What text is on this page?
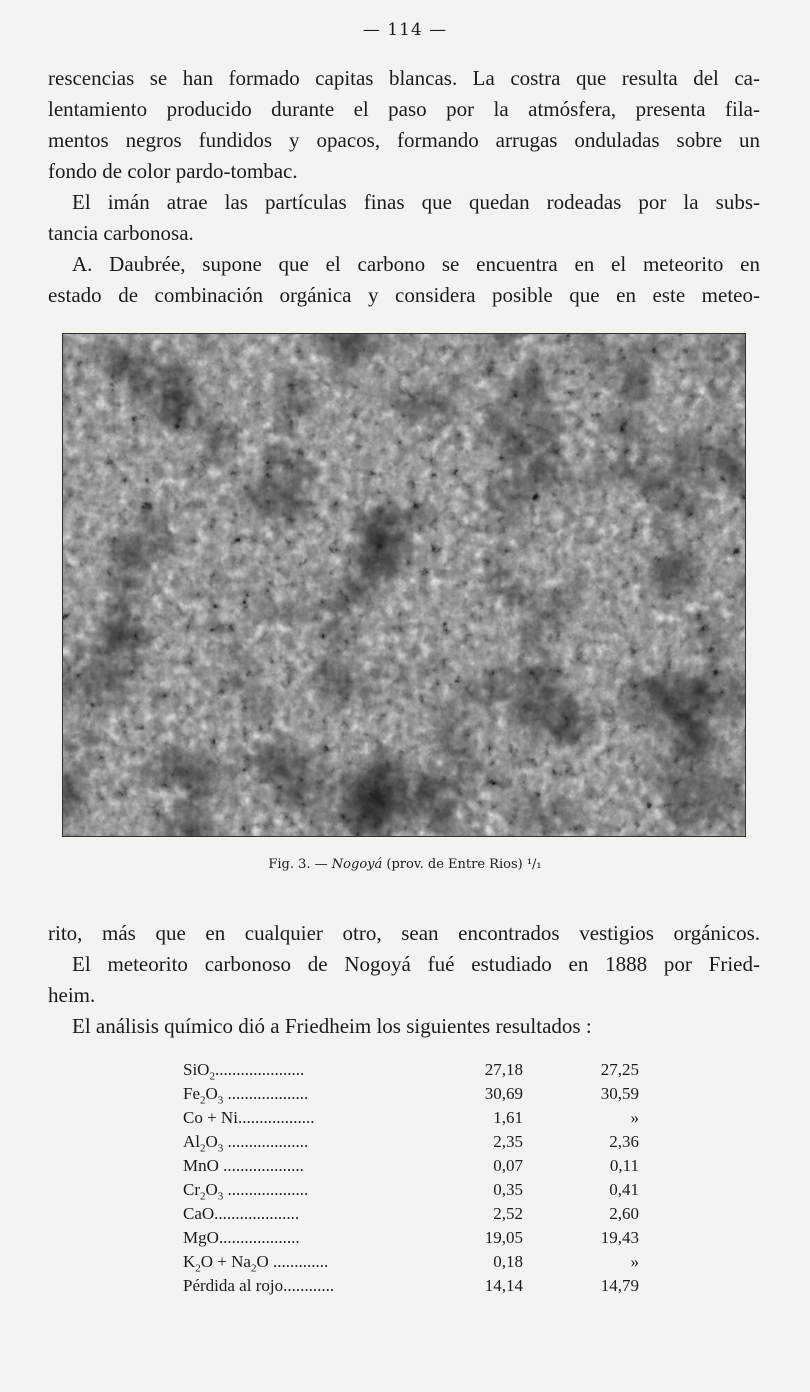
— 114 —

rescencias se han formado capitas blancas. La costra que resulta del ca-

lentamiento producido durante el paso por la atmósfera, presenta fila-

mentos negros fundidos y opacos, formando arrugas onduladas sobre un

fondo de color pardo-tombac.

El imán atrae las partículas finas que quedan rodeadas por la subs-

tancia carbonosa.

A. Daubrée, supone que el carbono se encuentra en el meteorito en

estado de combinación orgánica y considera posible que en este meteo-

Fig. 3. — Nogoyá (prov. de Entre Rios) ¹/₁

rito, más que en cualquier otro, sean encontrados vestigios orgánicos.

El meteorito carbonoso de Nogoyá fué estudiado en 1888 por Fried-

heim.

El análisis químico dió a Friedheim los siguientes resultados :

SiO$_2$.....................	27,18	27,25
$Fe_2O_3$ ...................	30,69	30,59
Co + Ni..................	1,61	»
$Al_2O_3$ ...................	2,35	2,36
MnO ...................	0,07	0,11
$Cr_2O_3$ ...................	0,35	0,41
CaO....................	2,52	2,60
MgO...................	19,05	19,43
$K_2O + Na_2O$ .............	0,18	»
Pérdida al rojo............	14,14	14,79
